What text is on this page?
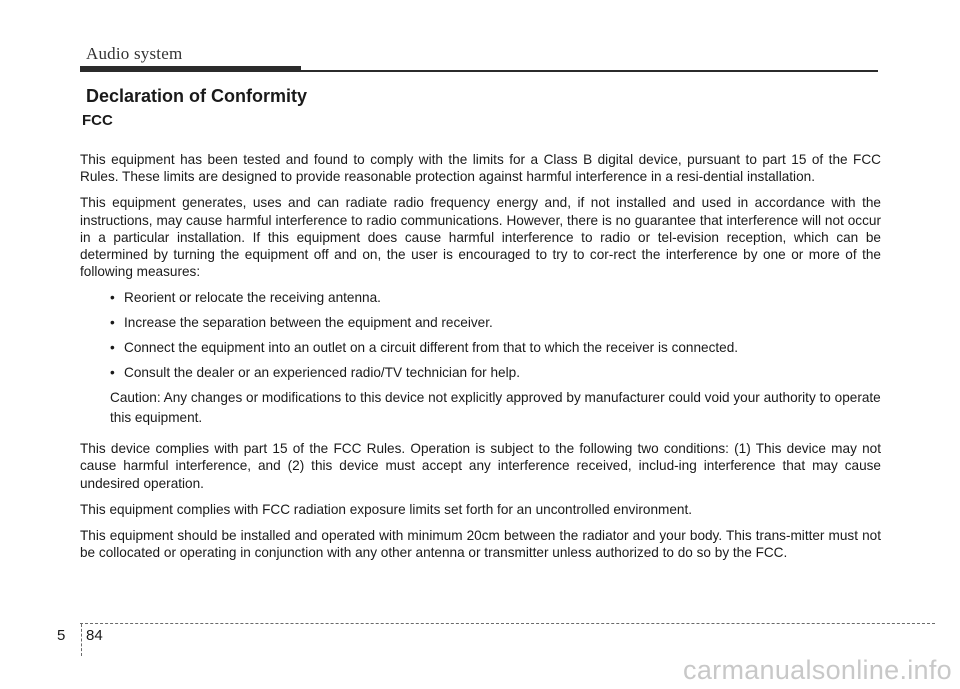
Audio system
Declaration of Conformity
FCC

This equipment has been tested and found to comply with the limits for a Class B digital device, pursuant to part 15 of the FCC Rules. These limits are designed to provide reasonable protection against harmful interference in a resi-dential installation.

This equipment generates, uses and can radiate radio frequency energy and, if not installed and used in accordance with the instructions, may cause harmful interference to radio communications. However, there is no guarantee that interference will not occur in a particular installation. If this equipment does cause harmful interference to radio or tel-evision reception, which can be determined by turning the equipment off and on, the user is encouraged to try to cor-rect the interference by one or more of the following measures:

• Reorient or relocate the receiving antenna.
• Increase the separation between the equipment and receiver.
• Connect the equipment into an outlet on a circuit different from that to which the receiver is connected.
• Consult the dealer or an experienced radio/TV technician for help.

Caution: Any changes or modifications to this device not explicitly approved by manufacturer could void your authority to operate this equipment.

This device complies with part 15 of the FCC Rules. Operation is subject to the following two conditions: (1) This device may not cause harmful interference, and (2) this device must accept any interference received, includ-ing interference that may cause undesired operation.

This equipment complies with FCC radiation exposure limits set forth for an uncontrolled environment.

This equipment should be installed and operated with minimum 20cm between the radiator and your body. This trans-mitter must not be collocated or operating in conjunction with any other antenna or transmitter unless authorized to do so by the FCC.

5 84
carmanualsonline.info
